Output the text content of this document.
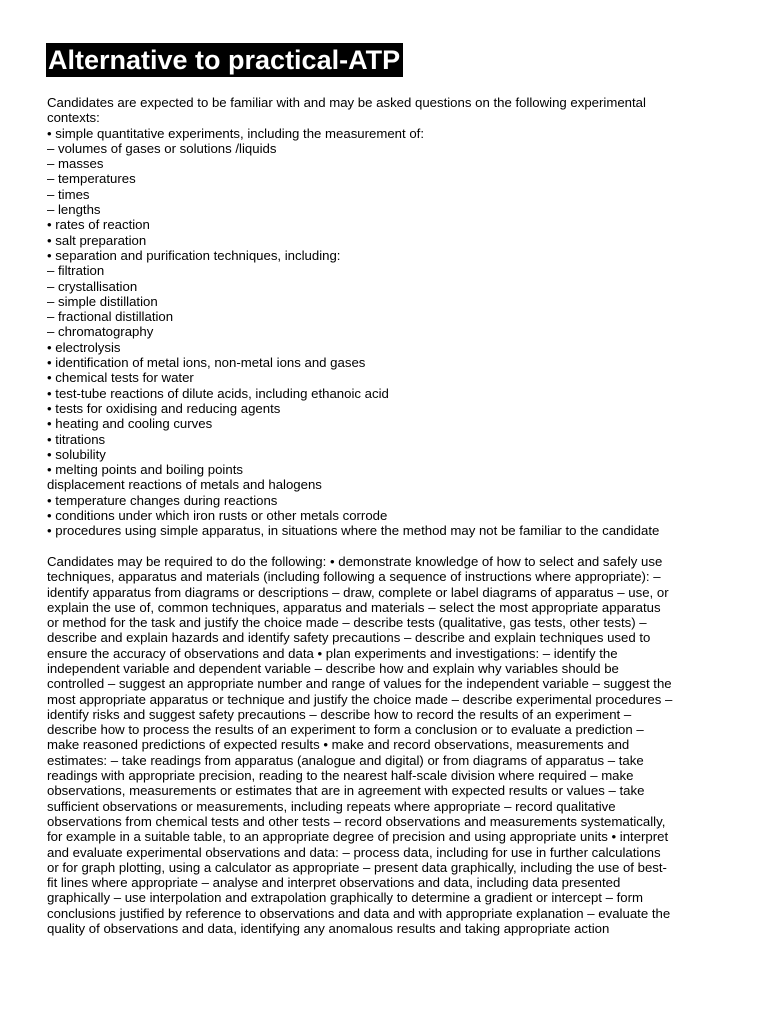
Alternative to practical-ATP
Candidates are expected to be familiar with and may be asked questions on the following experimental
contexts:
• simple quantitative experiments, including the measurement of:
– volumes of gases or solutions /liquids
– masses
– temperatures
– times
– lengths
• rates of reaction
• salt preparation
• separation and purification techniques, including:
– filtration
– crystallisation
– simple distillation
– fractional distillation
– chromatography
• electrolysis
• identification of metal ions, non-metal ions and gases
• chemical tests for water
• test-tube reactions of dilute acids, including ethanoic acid
• tests for oxidising and reducing agents
• heating and cooling curves
• titrations
• solubility
• melting points and boiling points
displacement reactions of metals and halogens
• temperature changes during reactions
• conditions under which iron rusts or other metals corrode
• procedures using simple apparatus, in situations where the method may not be familiar to the candidate
Candidates may be required to do the following: • demonstrate knowledge of how to select and safely use
techniques, apparatus and materials (including following a sequence of instructions where appropriate): –
identify apparatus from diagrams or descriptions – draw, complete or label diagrams of apparatus – use, or
explain the use of, common techniques, apparatus and materials – select the most appropriate apparatus
or method for the task and justify the choice made – describe tests (qualitative, gas tests, other tests) –
describe and explain hazards and identify safety precautions – describe and explain techniques used to
ensure the accuracy of observations and data • plan experiments and investigations: – identify the
independent variable and dependent variable – describe how and explain why variables should be
controlled – suggest an appropriate number and range of values for the independent variable – suggest the
most appropriate apparatus or technique and justify the choice made – describe experimental procedures –
identify risks and suggest safety precautions – describe how to record the results of an experiment –
describe how to process the results of an experiment to form a conclusion or to evaluate a prediction –
make reasoned predictions of expected results • make and record observations, measurements and
estimates: – take readings from apparatus (analogue and digital) or from diagrams of apparatus – take
readings with appropriate precision, reading to the nearest half-scale division where required – make
observations, measurements or estimates that are in agreement with expected results or values – take
sufficient observations or measurements, including repeats where appropriate – record qualitative
observations from chemical tests and other tests – record observations and measurements systematically,
for example in a suitable table, to an appropriate degree of precision and using appropriate units • interpret
and evaluate experimental observations and data: – process data, including for use in further calculations
or for graph plotting, using a calculator as appropriate – present data graphically, including the use of best-
fit lines where appropriate – analyse and interpret observations and data, including data presented
graphically – use interpolation and extrapolation graphically to determine a gradient or intercept – form
conclusions justified by reference to observations and data and with appropriate explanation – evaluate the
quality of observations and data, identifying any anomalous results and taking appropriate action
